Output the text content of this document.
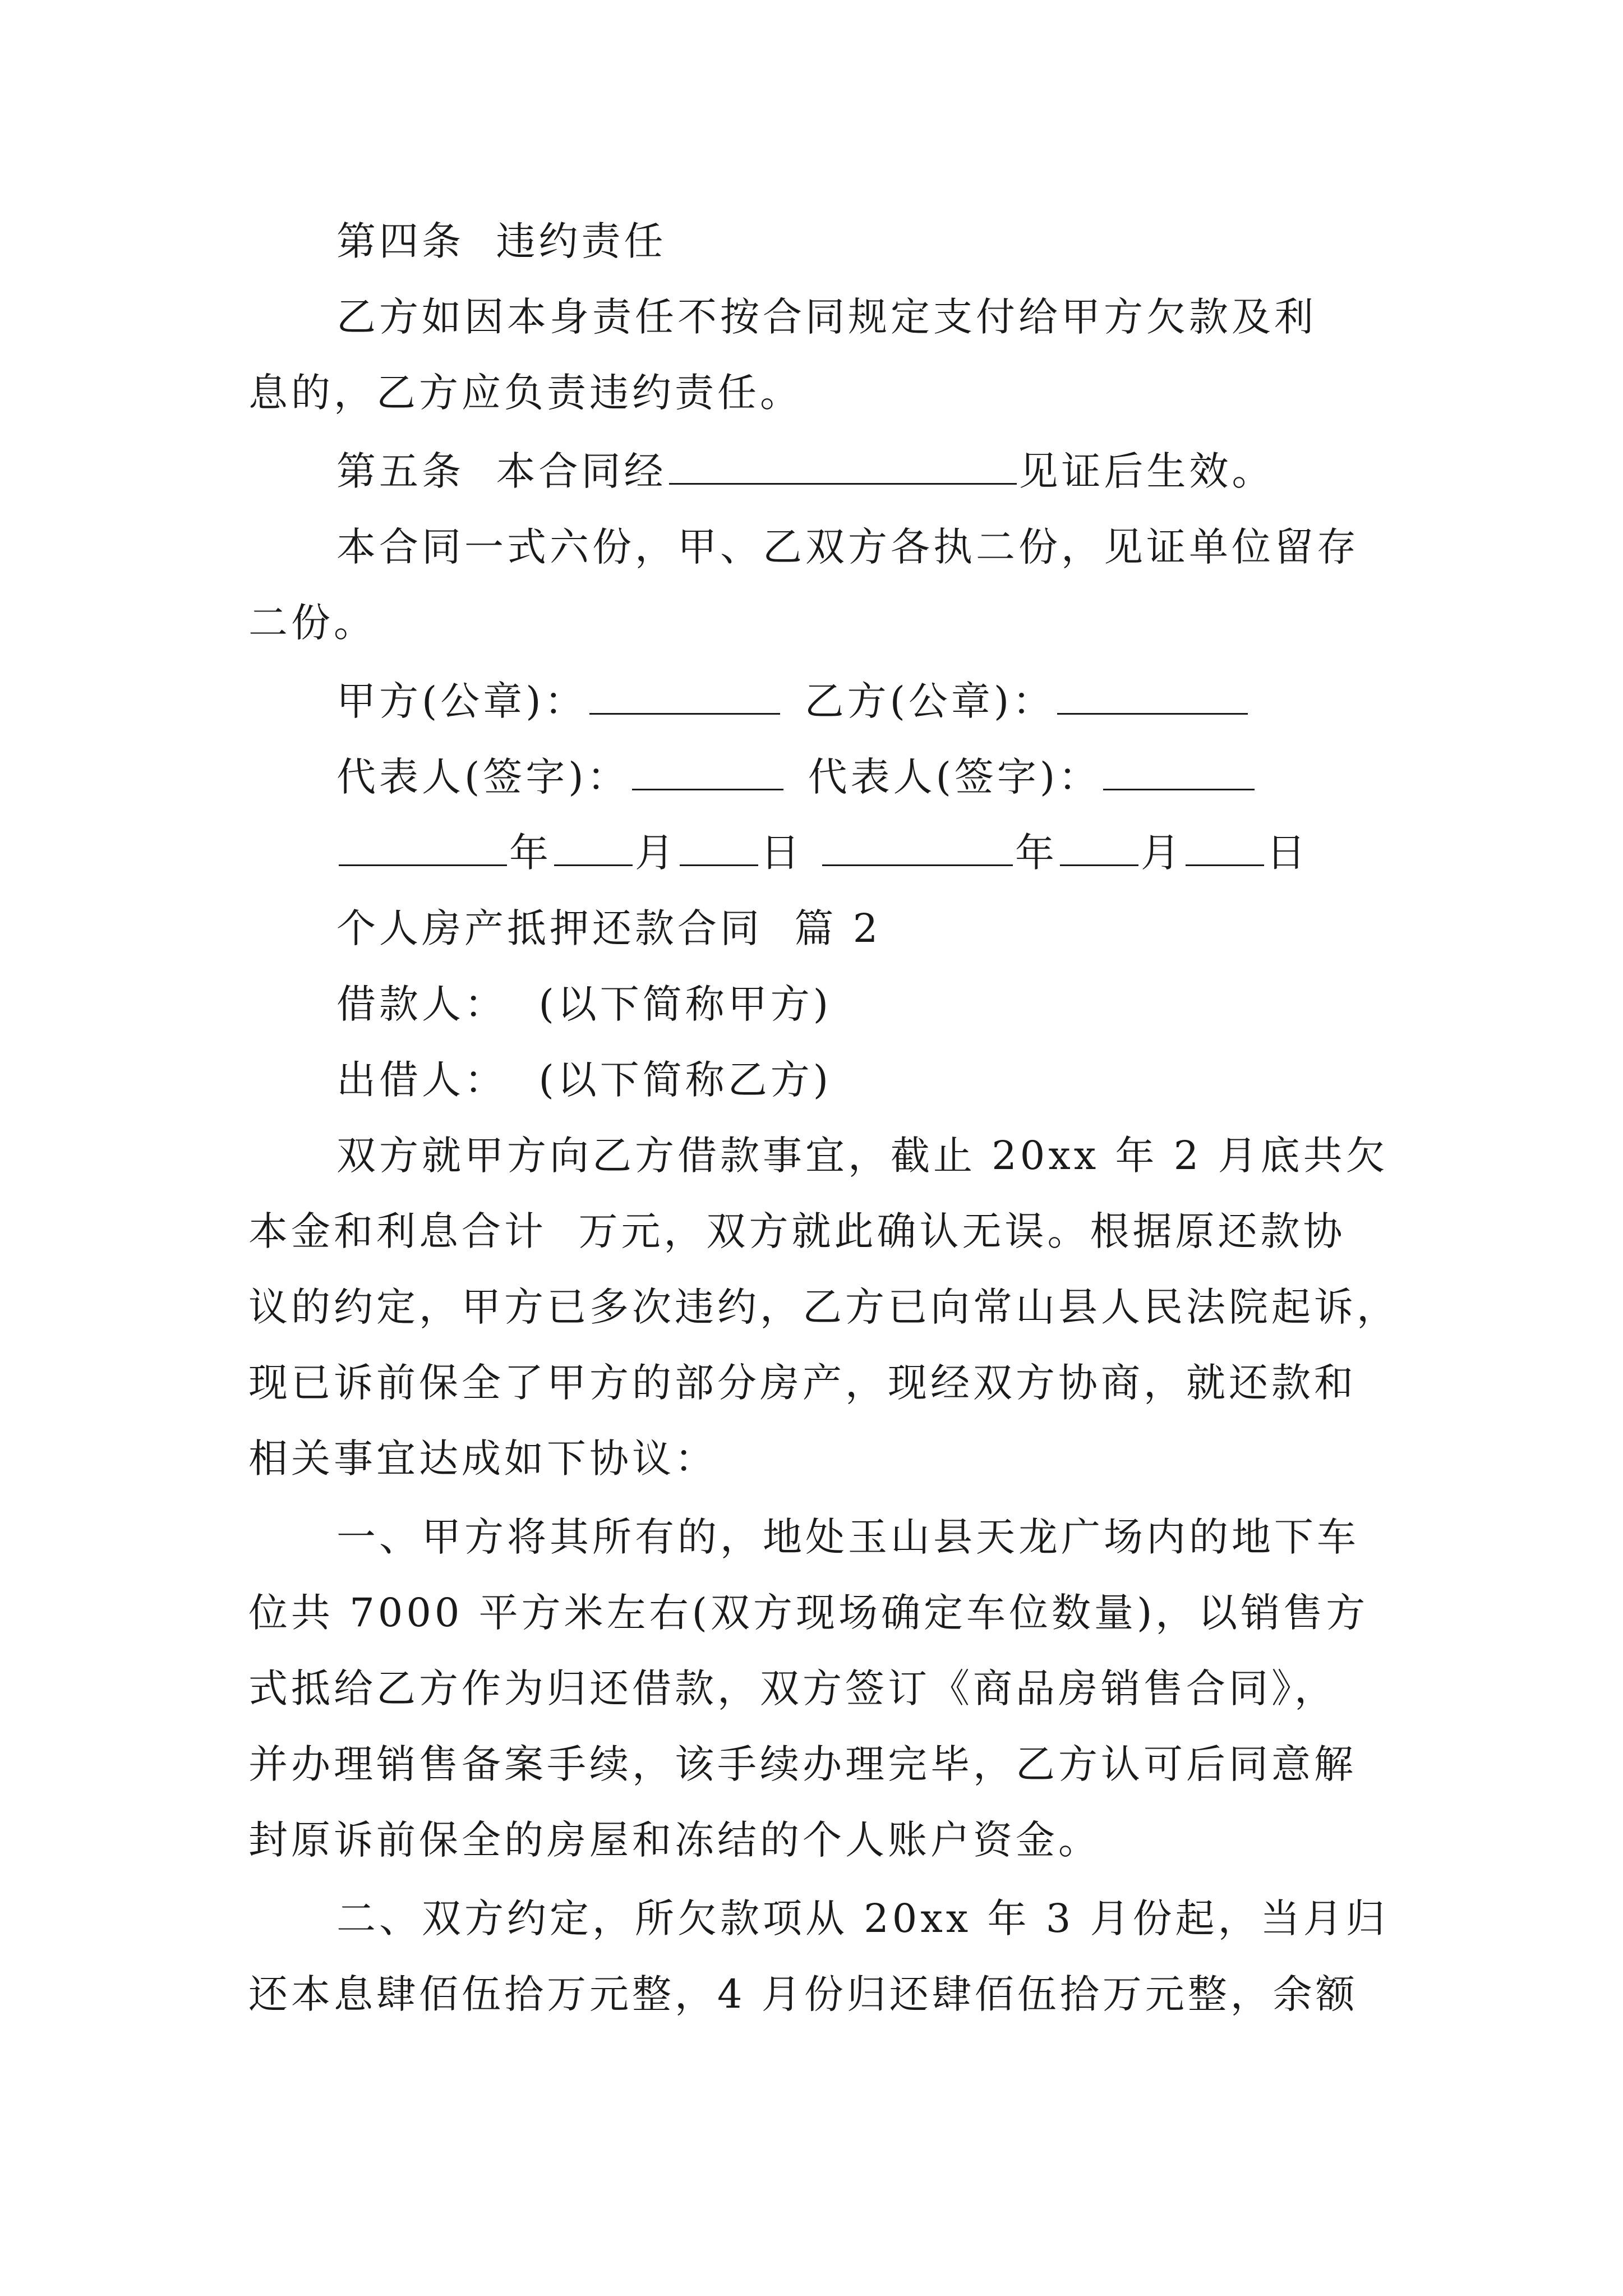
第四条  违约责任
乙方如因本身责任不按合同规定支付给甲方欠款及利
息的，乙方应负责违约责任。
第五条  本合同经	见证后生效。
本合同一式六份，甲、乙双方各执二份，见证单位留存
二份。
甲方(公章)：	乙方(公章)：
代表人(签字)：	代表人(签字)：
年 月 日	年 月 日
个人房产抵押还款合同  篇 2
借款人：  (以下简称甲方)
出借人：  (以下简称乙方)
双方就甲方向乙方借款事宜，截止 20xx 年 2 月底共欠
本金和利息合计  万元，双方就此确认无误。根据原还款协
议的约定，甲方已多次违约，乙方已向常山县人民法院起诉，
现已诉前保全了甲方的部分房产，现经双方协商，就还款和
相关事宜达成如下协议：
一、甲方将其所有的，地处玉山县天龙广场内的地下车
位共 7000 平方米左右(双方现场确定车位数量)，以销售方
式抵给乙方作为归还借款，双方签订《商品房销售合同》，
并办理销售备案手续，该手续办理完毕，乙方认可后同意解
封原诉前保全的房屋和冻结的个人账户资金。
二、双方约定，所欠款项从 20xx 年 3 月份起，当月归
还本息肆佰伍拾万元整，4 月份归还肆佰伍拾万元整，余额
